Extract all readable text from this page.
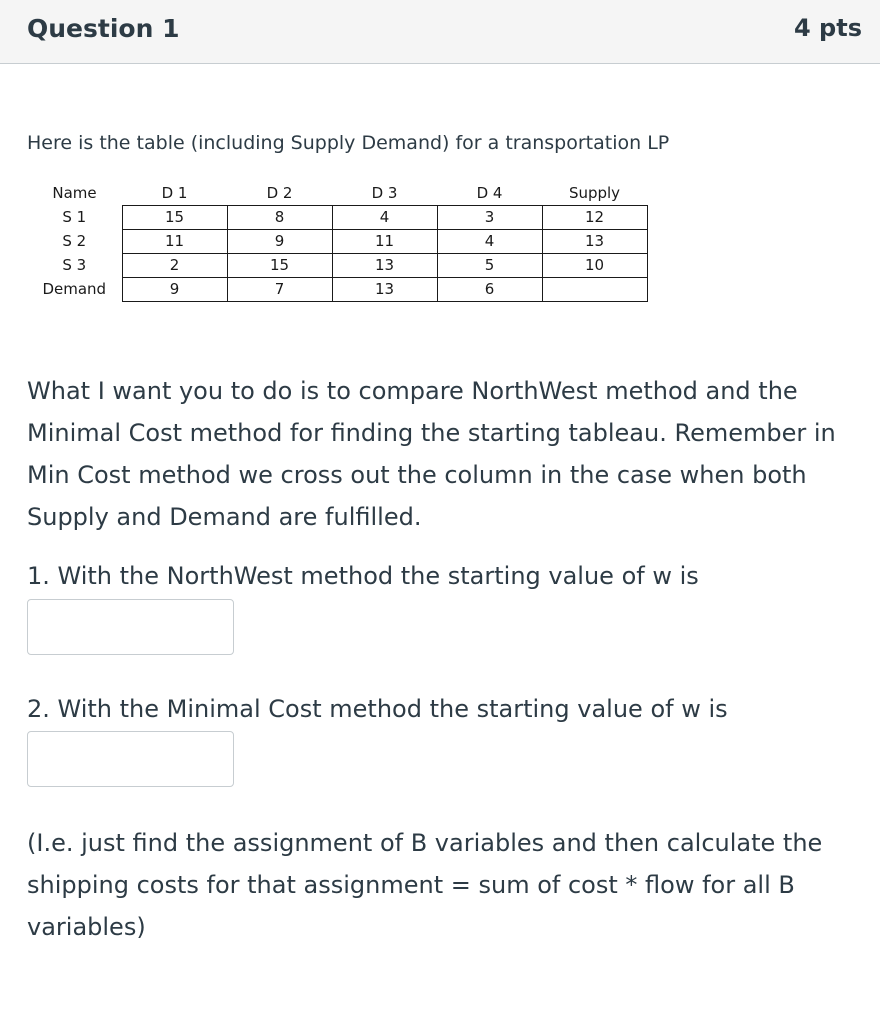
Question 1	4 pts
Here is the table (including Supply Demand) for a transportation LP
Name	D 1	D 2	D 3	D 4	Supply
S 1	15	8	4	3	12
S 2	11	9	11	4	13
S 3	2	15	13	5	10
Demand	9	7	13	6	

What I want you to do is to compare NorthWest method and the Minimal Cost method for finding the starting tableau. Remember in Min Cost method we cross out the column in the case when both Supply and Demand are fulfilled.

1. With the NorthWest method the starting value of w is

2. With the Minimal Cost method the starting value of w is

(I.e. just find the assignment of B variables and then calculate the shipping costs for that assignment = sum of cost * flow for all B variables)
